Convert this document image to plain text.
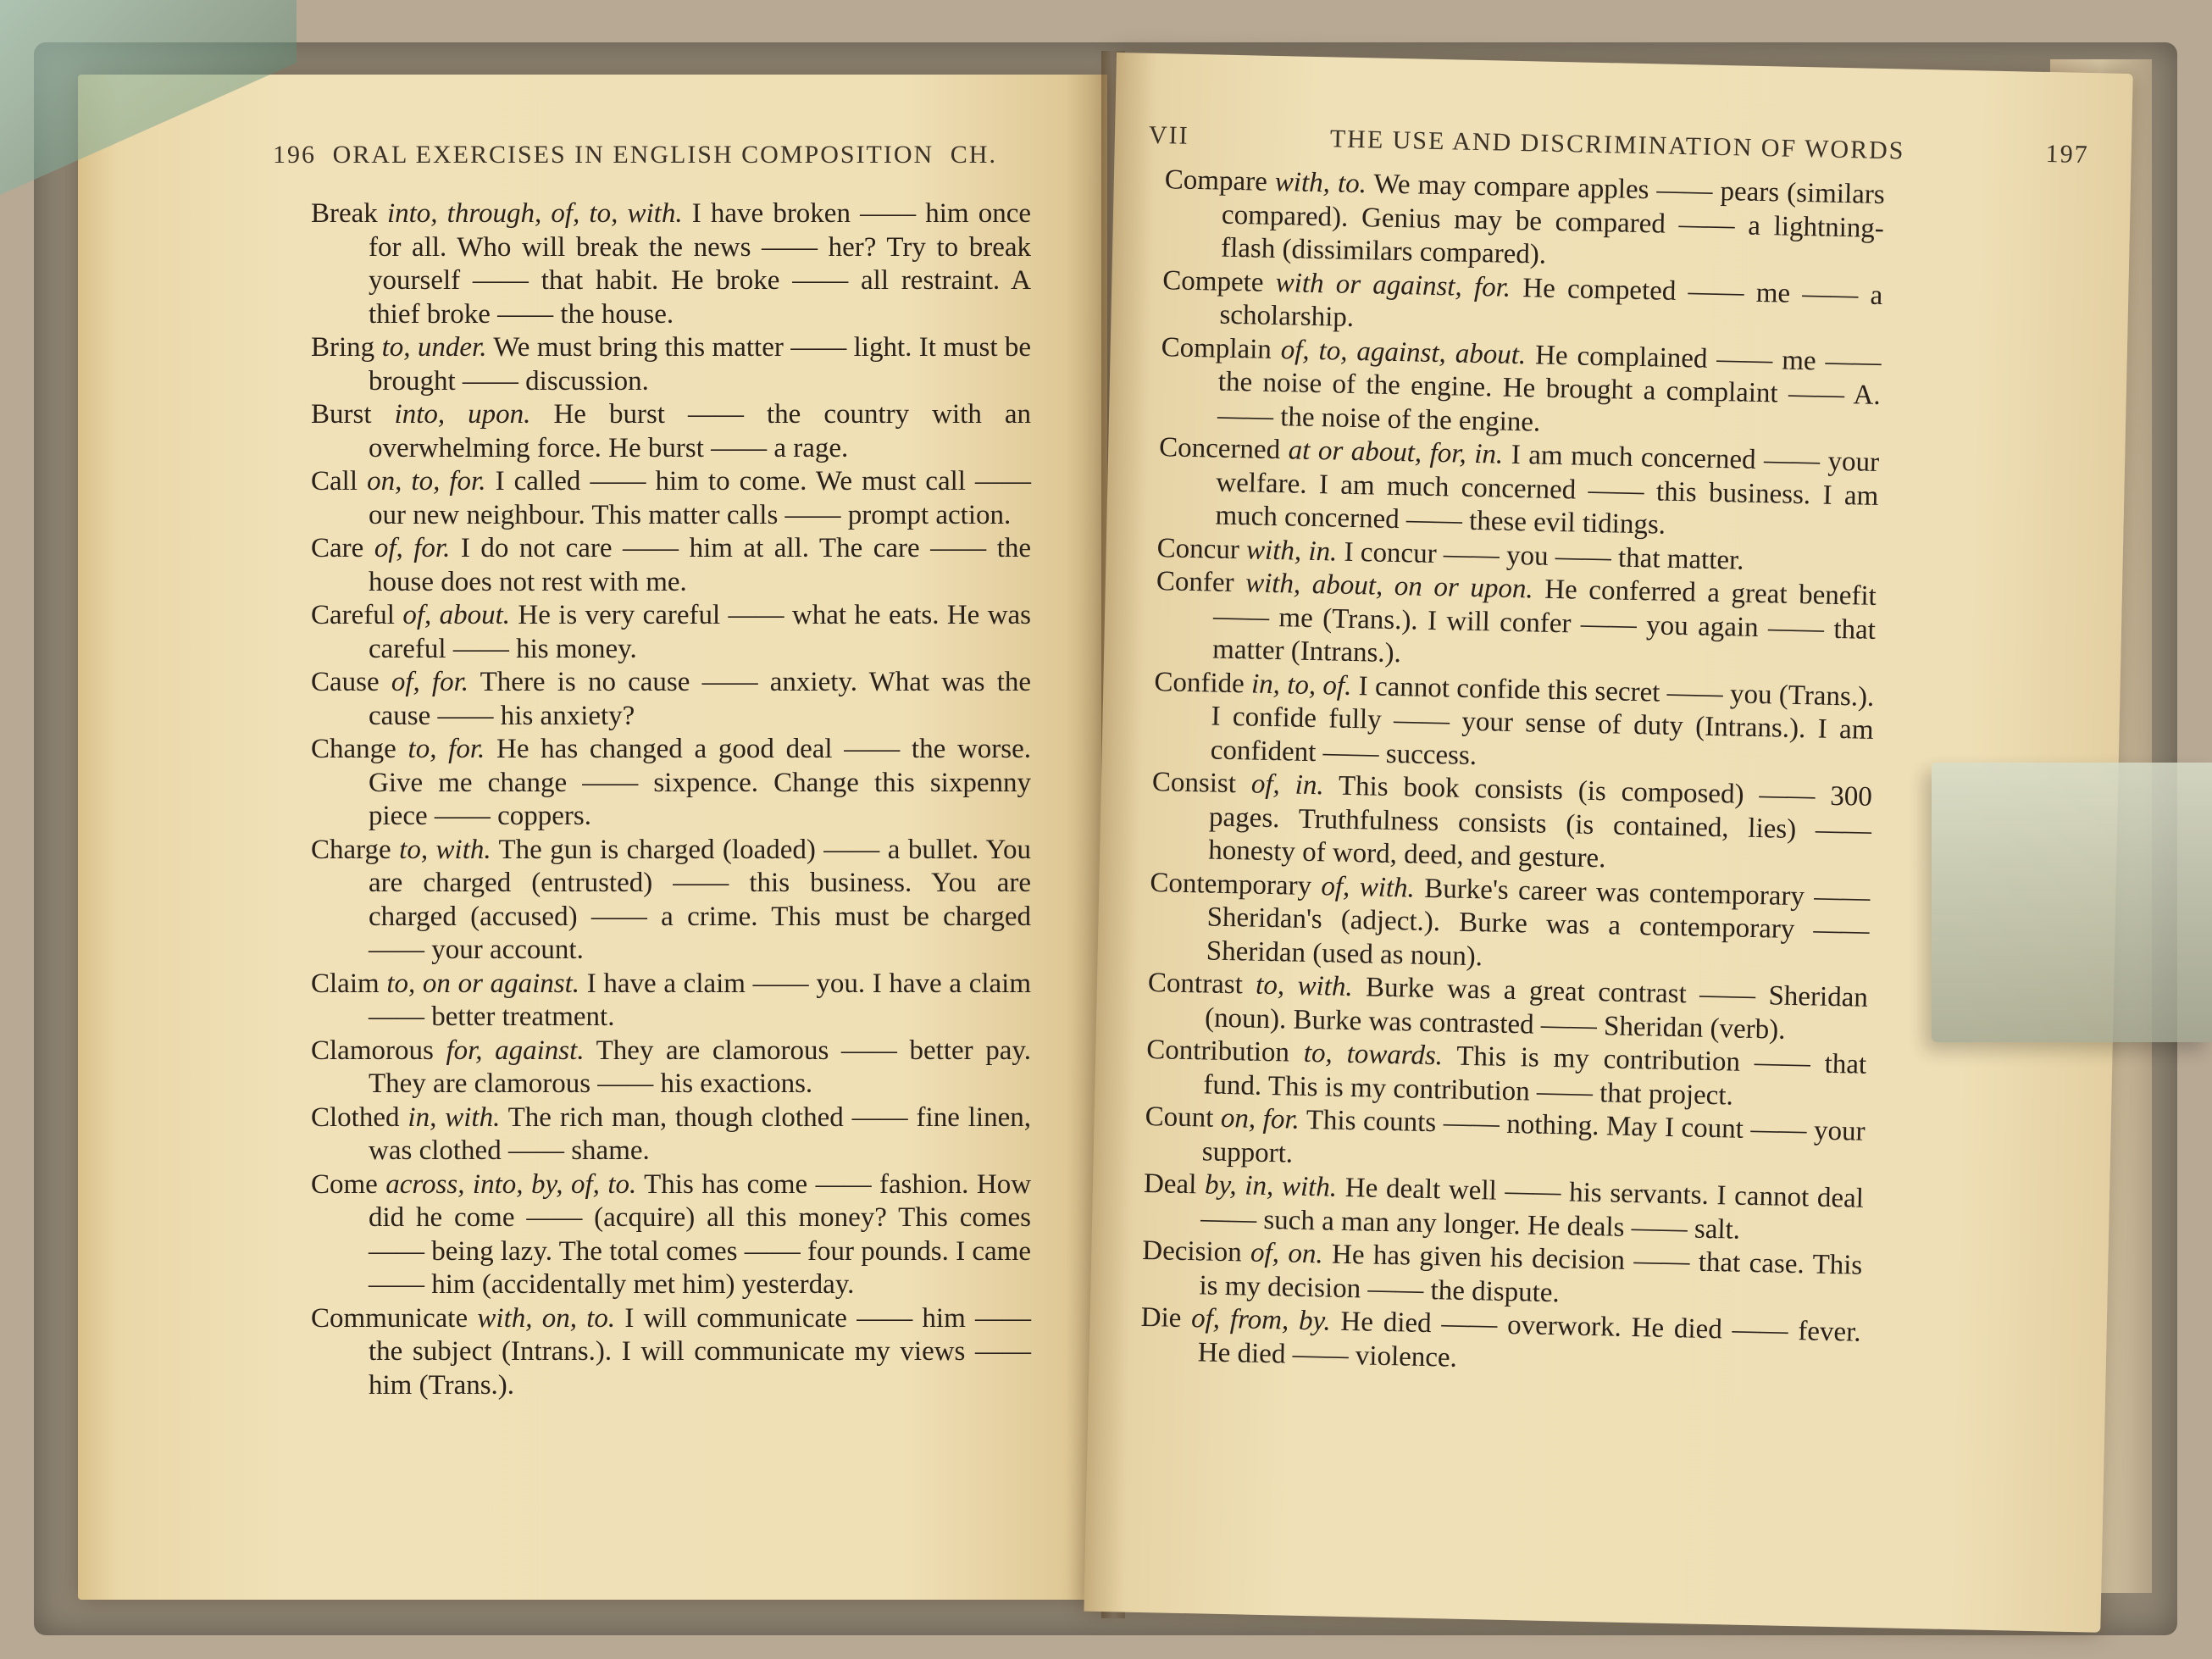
196 ORAL EXERCISES IN ENGLISH COMPOSITION CH.

Break into, through, of, to, with. I have broken —— him once for all. Who will break the news —— her? Try to break yourself —— that habit. He broke —— all restraint. A thief broke —— the house.

Bring to, under. We must bring this matter —— light. It must be brought —— discussion.

Burst into, upon. He burst —— the country with an overwhelming force. He burst —— a rage.

Call on, to, for. I called —— him to come. We must call —— our new neighbour. This matter calls —— prompt action.

Care of, for. I do not care —— him at all. The care —— the house does not rest with me.

Careful of, about. He is very careful —— what he eats. He was careful —— his money.

Cause of, for. There is no cause —— anxiety. What was the cause —— his anxiety?

Change to, for. He has changed a good deal —— the worse. Give me change —— sixpence. Change this sixpenny piece —— coppers.

Charge to, with. The gun is charged (loaded) —— a bullet. You are charged (entrusted) —— this business. You are charged (accused) —— a crime. This must be charged —— your account.

Claim to, on or against. I have a claim —— you. I have a claim —— better treatment.

Clamorous for, against. They are clamorous —— better pay. They are clamorous —— his exactions.

Clothed in, with. The rich man, though clothed —— fine linen, was clothed —— shame.

Come across, into, by, of, to. This has come —— fashion. How did he come —— (acquire) all this money? This comes —— being lazy. The total comes —— four pounds. I came —— him (accidentally met him) yesterday.

Communicate with, on, to. I will communicate —— him —— the subject (Intrans.). I will communicate my views —— him (Trans.).

VII	THE USE AND DISCRIMINATION OF WORDS	197

Compare with, to. We may compare apples —— pears (similars compared). Genius may be compared —— a lightning-flash (dissimilars compared).

Compete with or against, for. He competed —— me —— a scholarship.

Complain of, to, against, about. He complained —— me —— the noise of the engine. He brought a complaint —— A. —— the noise of the engine.

Concerned at or about, for, in. I am much concerned —— your welfare. I am much concerned —— this business. I am much concerned —— these evil tidings.

Concur with, in. I concur —— you —— that matter.

Confer with, about, on or upon. He conferred a great benefit —— me (Trans.). I will confer —— you again —— that matter (Intrans.).

Confide in, to, of. I cannot confide this secret —— you (Trans.). I confide fully —— your sense of duty (Intrans.). I am confident —— success.

Consist of, in. This book consists (is composed) —— 300 pages. Truthfulness consists (is contained, lies) —— honesty of word, deed, and gesture.

Contemporary of, with. Burke's career was contemporary —— Sheridan's (adject.). Burke was a contemporary —— Sheridan (used as noun).

Contrast to, with. Burke was a great contrast —— Sheridan (noun). Burke was contrasted —— Sheridan (verb).

Contribution to, towards. This is my contribution —— that fund. This is my contribution —— that project.

Count on, for. This counts —— nothing. May I count —— your support.

Deal by, in, with. He dealt well —— his servants. I cannot deal —— such a man any longer. He deals —— salt.

Decision of, on. He has given his decision —— that case. This is my decision —— the dispute.

Die of, from, by. He died —— overwork. He died —— fever. He died —— violence.
